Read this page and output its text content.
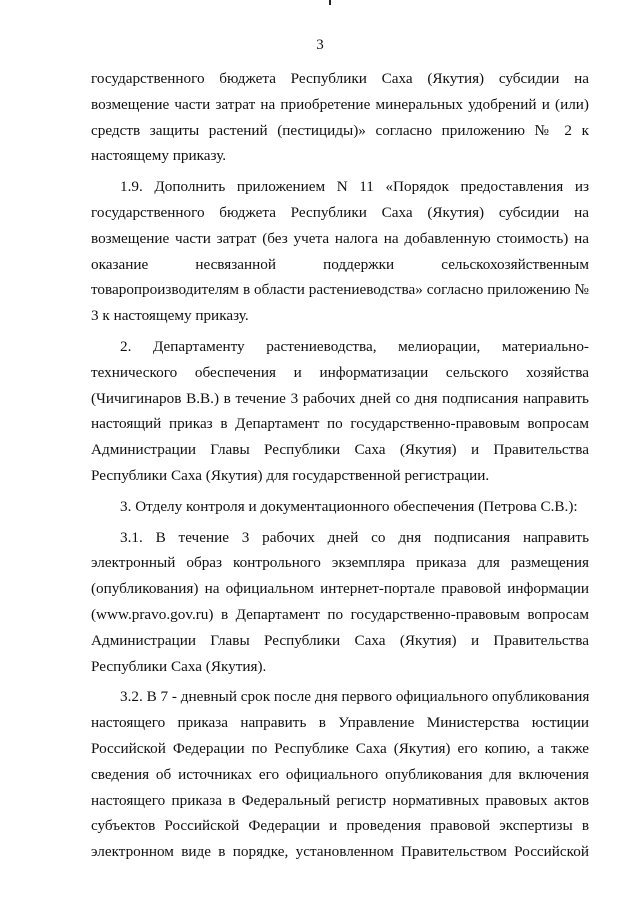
3
государственного бюджета Республики Саха (Якутия) субсидии на
возмещение части затрат на приобретение минеральных удобрений и (или)
средств защиты растений (пестициды)» согласно приложению № 2 к
настоящему приказу.
1.9. Дополнить приложением N 11 «Порядок предоставления из
государственного бюджета Республики Саха (Якутия) субсидии на
возмещение части затрат (без учета налога на добавленную стоимость) на
оказание несвязанной поддержки сельскохозяйственным
товаропроизводителям в области растениеводства» согласно приложению №
3 к настоящему приказу.
2. Департаменту растениеводства, мелиорации, материально-
технического обеспечения и информатизации сельского хозяйства
(Чичигинаров В.В.) в течение 3 рабочих дней со дня подписания направить
настоящий приказ в Департамент по государственно-правовым вопросам
Администрации Главы Республики Саха (Якутия) и Правительства
Республики Саха (Якутия) для государственной регистрации.
3. Отделу контроля и документационного обеспечения (Петрова С.В.):
3.1. В течение 3 рабочих дней со дня подписания направить
электронный образ контрольного экземпляра приказа для размещения
(опубликования) на официальном интернет-портале правовой информации
(www.pravo.gov.ru) в Департамент по государственно-правовым вопросам
Администрации Главы Республики Саха (Якутия) и Правительства
Республики Саха (Якутия).
3.2. В 7 - дневный срок после дня первого официального опубликования
настоящего приказа направить в Управление Министерства юстиции
Российской Федерации по Республике Саха (Якутия) его копию, а также
сведения об источниках его официального опубликования для включения
настоящего приказа в Федеральный регистр нормативных правовых актов
субъектов Российской Федерации и проведения правовой экспертизы в
электронном виде в порядке, установленном Правительством Российской
